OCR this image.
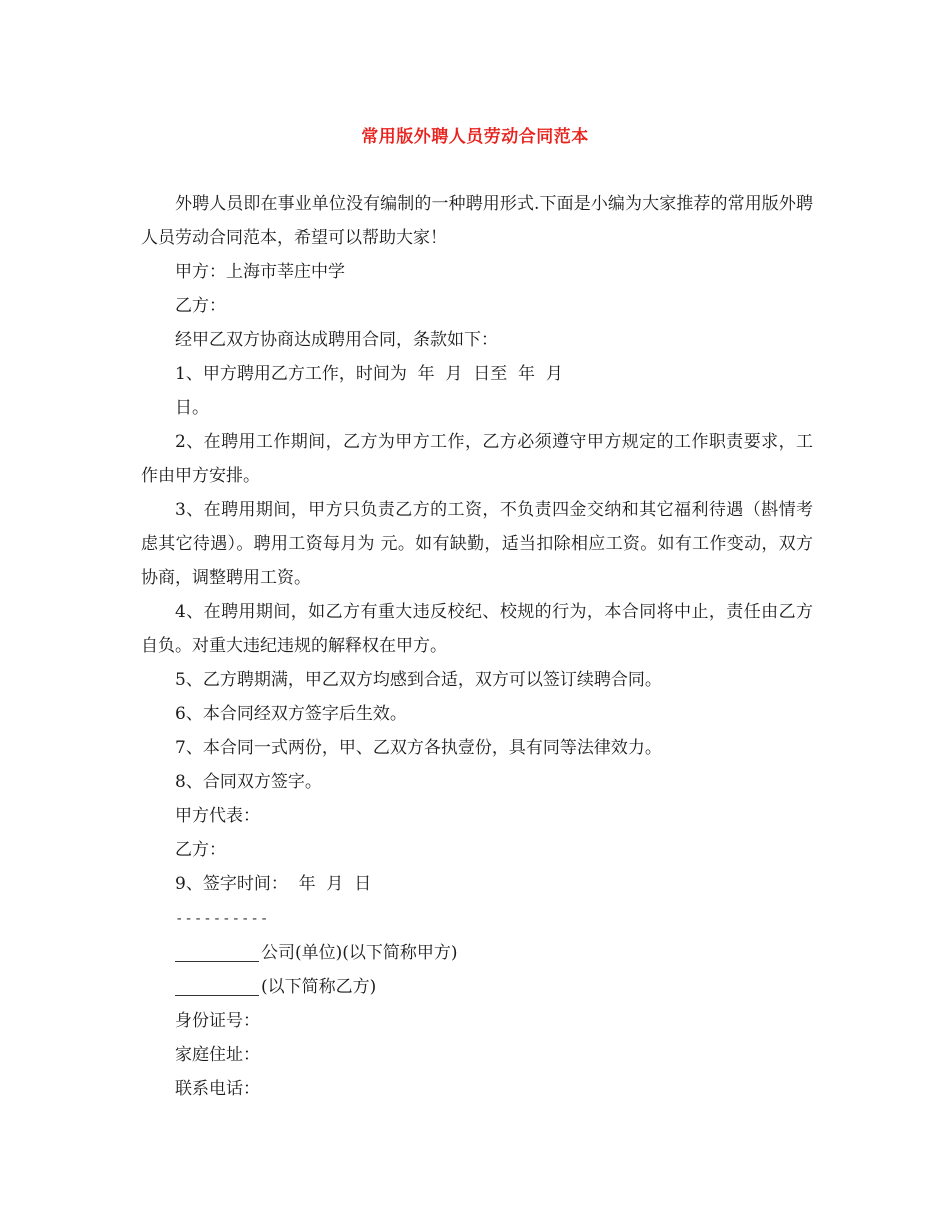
常用版外聘人员劳动合同范本

外聘人员即在事业单位没有编制的一种聘用形式.下面是小编为大家推荐的常用版外聘人员劳动合同范本，希望可以帮助大家！

甲方：上海市莘庄中学

乙方：

经甲乙双方协商达成聘用合同，条款如下：

1、甲方聘用乙方工作，时间为  年  月  日至  年  月

日。

2、在聘用工作期间，乙方为甲方工作，乙方必须遵守甲方规定的工作职责要求，工作由甲方安排。

3、在聘用期间，甲方只负责乙方的工资，不负责四金交纳和其它福利待遇（斟情考虑其它待遇）。聘用工资每月为 元。如有缺勤，适当扣除相应工资。如有工作变动，双方协商，调整聘用工资。

4、在聘用期间，如乙方有重大违反校纪、校规的行为，本合同将中止，责任由乙方自负。对重大违纪违规的解释权在甲方。

5、乙方聘期满，甲乙双方均感到合适，双方可以签订续聘合同。

6、本合同经双方签字后生效。

7、本合同一式两份，甲、乙双方各执壹份，具有同等法律效力。

8、合同双方签字。

甲方代表：

乙方：

9、签字时间：  年  月  日

----------

公司(单位)(以下简称甲方)

(以下简称乙方)

身份证号：

家庭住址：

联系电话：
